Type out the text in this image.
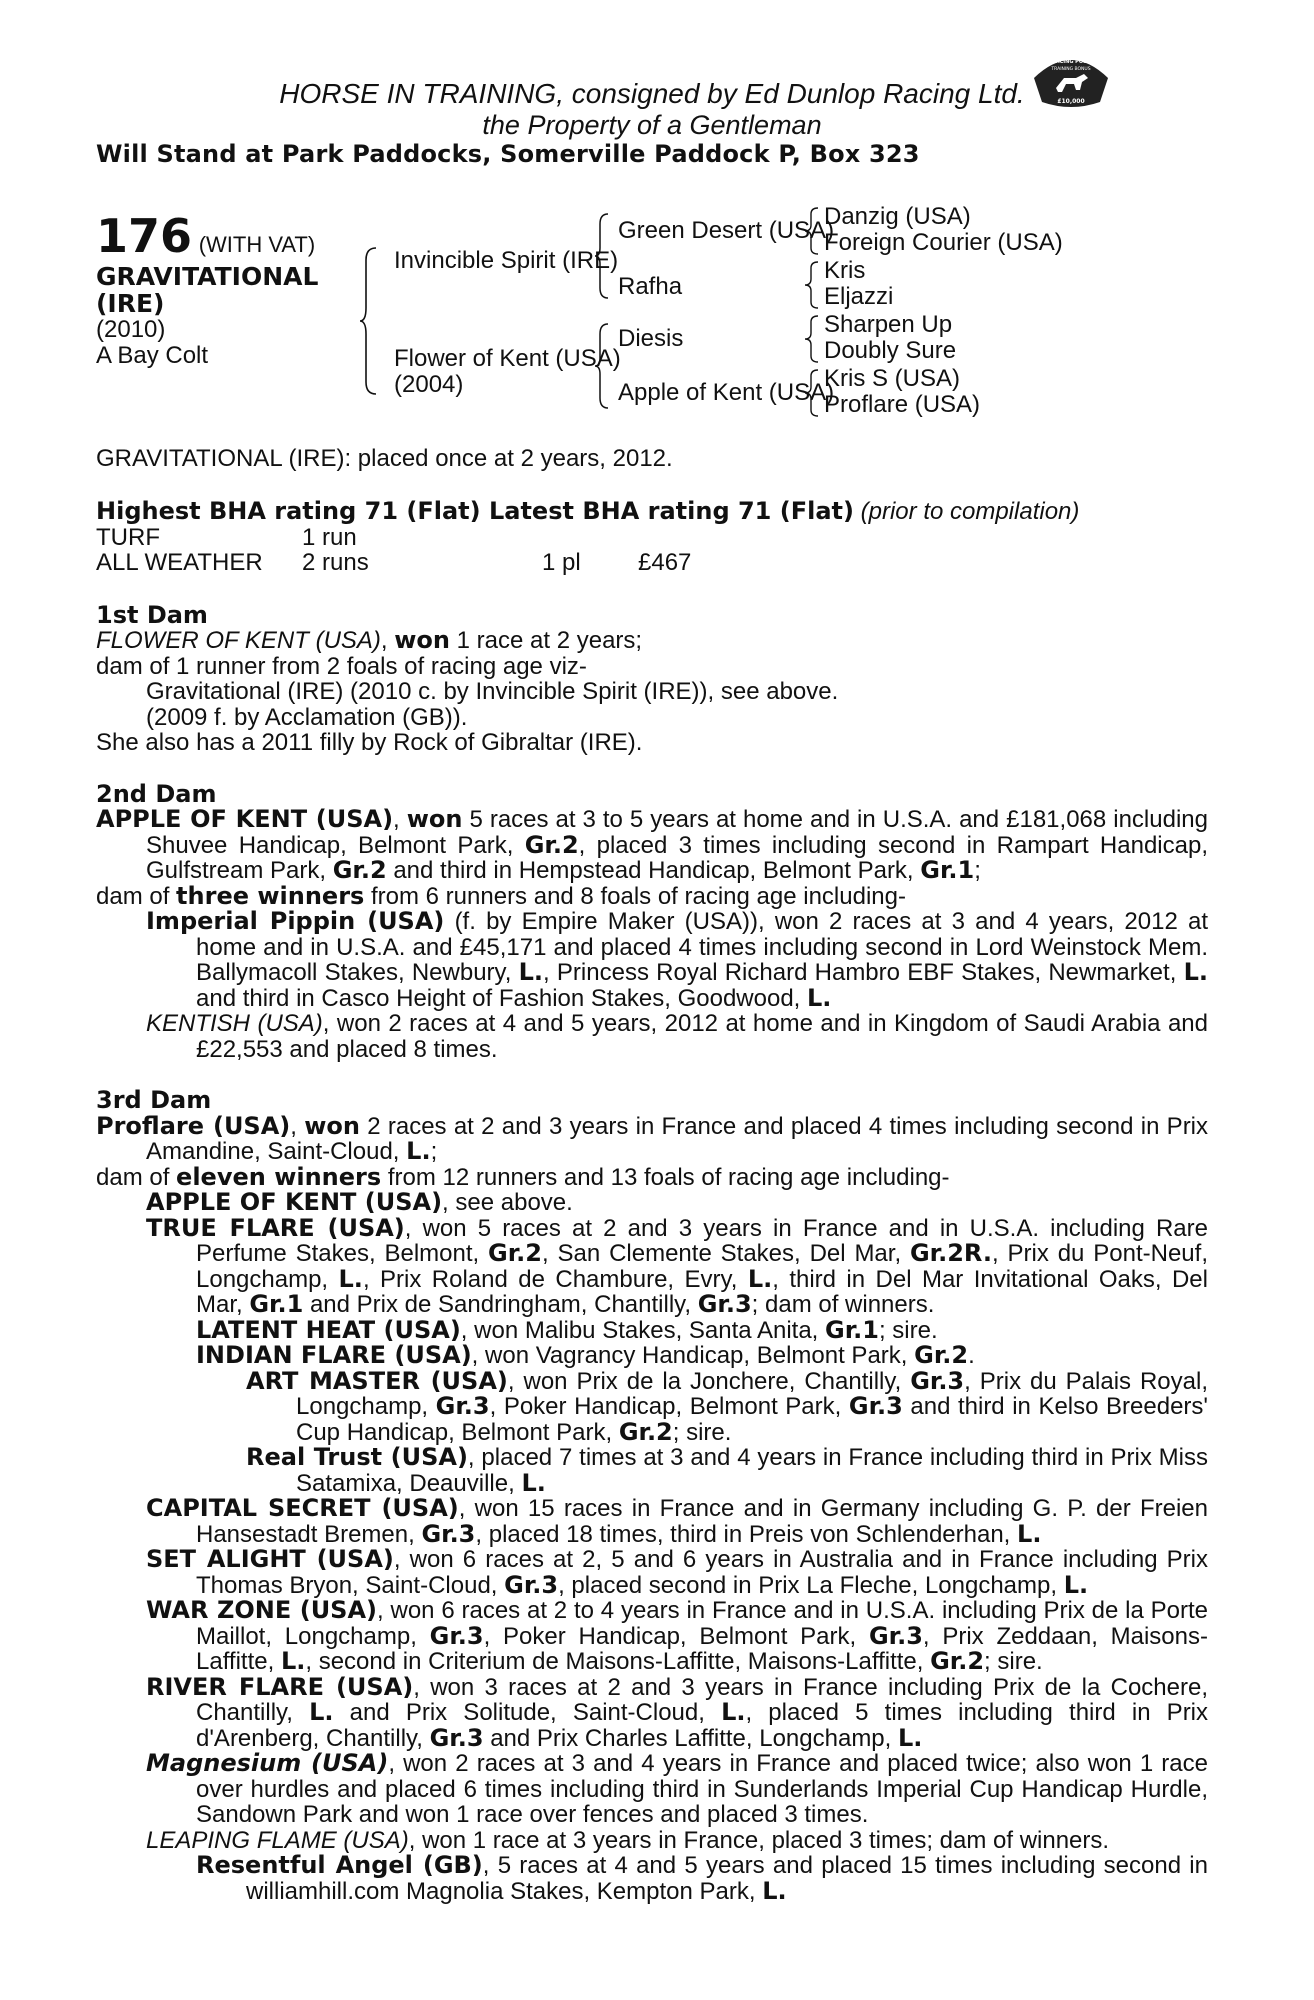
RACING POST
TRAINING BONUS
£10,000
HORSE IN TRAINING, consigned by Ed Dunlop Racing Ltd.
the Property of a Gentleman
Will Stand at Park Paddocks, Somerville Paddock P, Box 323
176 (WITH VAT)
GRAVITATIONAL
(IRE)
(2010)
A Bay Colt
Invincible Spirit (IRE)
Flower of Kent (USA)
(2004)
Green Desert (USA)
Rafha
Diesis
Apple of Kent (USA)
Danzig (USA)
Foreign Courier (USA)
Kris
Eljazzi
Sharpen Up
Doubly Sure
Kris S (USA)
Proflare (USA)

GRAVITATIONAL (IRE): placed once at 2 years, 2012.

Highest BHA rating 71 (Flat) Latest BHA rating 71 (Flat) (prior to compilation)

TURF	1 run
ALL WEATHER 2 runs	1 pl £467

1st Dam

FLOWER OF KENT (USA), won 1 race at 2 years;

dam of 1 runner from 2 foals of racing age viz-

Gravitational (IRE) (2010 c. by Invincible Spirit (IRE)), see above.

(2009 f. by Acclamation (GB)).

She also has a 2011 filly by Rock of Gibraltar (IRE).

2nd Dam

APPLE OF KENT (USA), won 5 races at 3 to 5 years at home and in U.S.A. and £181,068 including Shuvee Handicap, Belmont Park, Gr.2, placed 3 times including second in Rampart Handicap, Gulfstream Park, Gr.2 and third in Hempstead Handicap, Belmont Park, Gr.1;

dam of three winners from 6 runners and 8 foals of racing age including-

Imperial Pippin (USA) (f. by Empire Maker (USA)), won 2 races at 3 and 4 years, 2012 at home and in U.S.A. and £45,171 and placed 4 times including second in Lord Weinstock Mem. Ballymacoll Stakes, Newbury, L., Princess Royal Richard Hambro EBF Stakes, Newmarket, L. and third in Casco Height of Fashion Stakes, Goodwood, L.

KENTISH (USA), won 2 races at 4 and 5 years, 2012 at home and in Kingdom of Saudi Arabia and £22,553 and placed 8 times.

3rd Dam

Proflare (USA), won 2 races at 2 and 3 years in France and placed 4 times including second in Prix Amandine, Saint-Cloud, L.;

dam of eleven winners from 12 runners and 13 foals of racing age including-

APPLE OF KENT (USA), see above.

TRUE FLARE (USA), won 5 races at 2 and 3 years in France and in U.S.A. including Rare Perfume Stakes, Belmont, Gr.2, San Clemente Stakes, Del Mar, Gr.2R., Prix du Pont-Neuf, Longchamp, L., Prix Roland de Chambure, Evry, L., third in Del Mar Invitational Oaks, Del Mar, Gr.1 and Prix de Sandringham, Chantilly, Gr.3; dam of winners.

LATENT HEAT (USA), won Malibu Stakes, Santa Anita, Gr.1; sire.

INDIAN FLARE (USA), won Vagrancy Handicap, Belmont Park, Gr.2.

ART MASTER (USA), won Prix de la Jonchere, Chantilly, Gr.3, Prix du Palais Royal, Longchamp, Gr.3, Poker Handicap, Belmont Park, Gr.3 and third in Kelso Breeders' Cup Handicap, Belmont Park, Gr.2; sire.

Real Trust (USA), placed 7 times at 3 and 4 years in France including third in Prix Miss Satamixa, Deauville, L.

CAPITAL SECRET (USA), won 15 races in France and in Germany including G. P. der Freien Hansestadt Bremen, Gr.3, placed 18 times, third in Preis von Schlenderhan, L.

SET ALIGHT (USA), won 6 races at 2, 5 and 6 years in Australia and in France including Prix Thomas Bryon, Saint-Cloud, Gr.3, placed second in Prix La Fleche, Longchamp, L.

WAR ZONE (USA), won 6 races at 2 to 4 years in France and in U.S.A. including Prix de la Porte Maillot, Longchamp, Gr.3, Poker Handicap, Belmont Park, Gr.3, Prix Zeddaan, Maisons-Laffitte, L., second in Criterium de Maisons-Laffitte, Maisons-Laffitte, Gr.2; sire.

RIVER FLARE (USA), won 3 races at 2 and 3 years in France including Prix de la Cochere, Chantilly, L. and Prix Solitude, Saint-Cloud, L., placed 5 times including third in Prix d'Arenberg, Chantilly, Gr.3 and Prix Charles Laffitte, Longchamp, L.

Magnesium (USA), won 2 races at 3 and 4 years in France and placed twice; also won 1 race over hurdles and placed 6 times including third in Sunderlands Imperial Cup Handicap Hurdle, Sandown Park and won 1 race over fences and placed 3 times.

LEAPING FLAME (USA), won 1 race at 3 years in France, placed 3 times; dam of winners.

Resentful Angel (GB), 5 races at 4 and 5 years and placed 15 times including second in williamhill.com Magnolia Stakes, Kempton Park, L.
